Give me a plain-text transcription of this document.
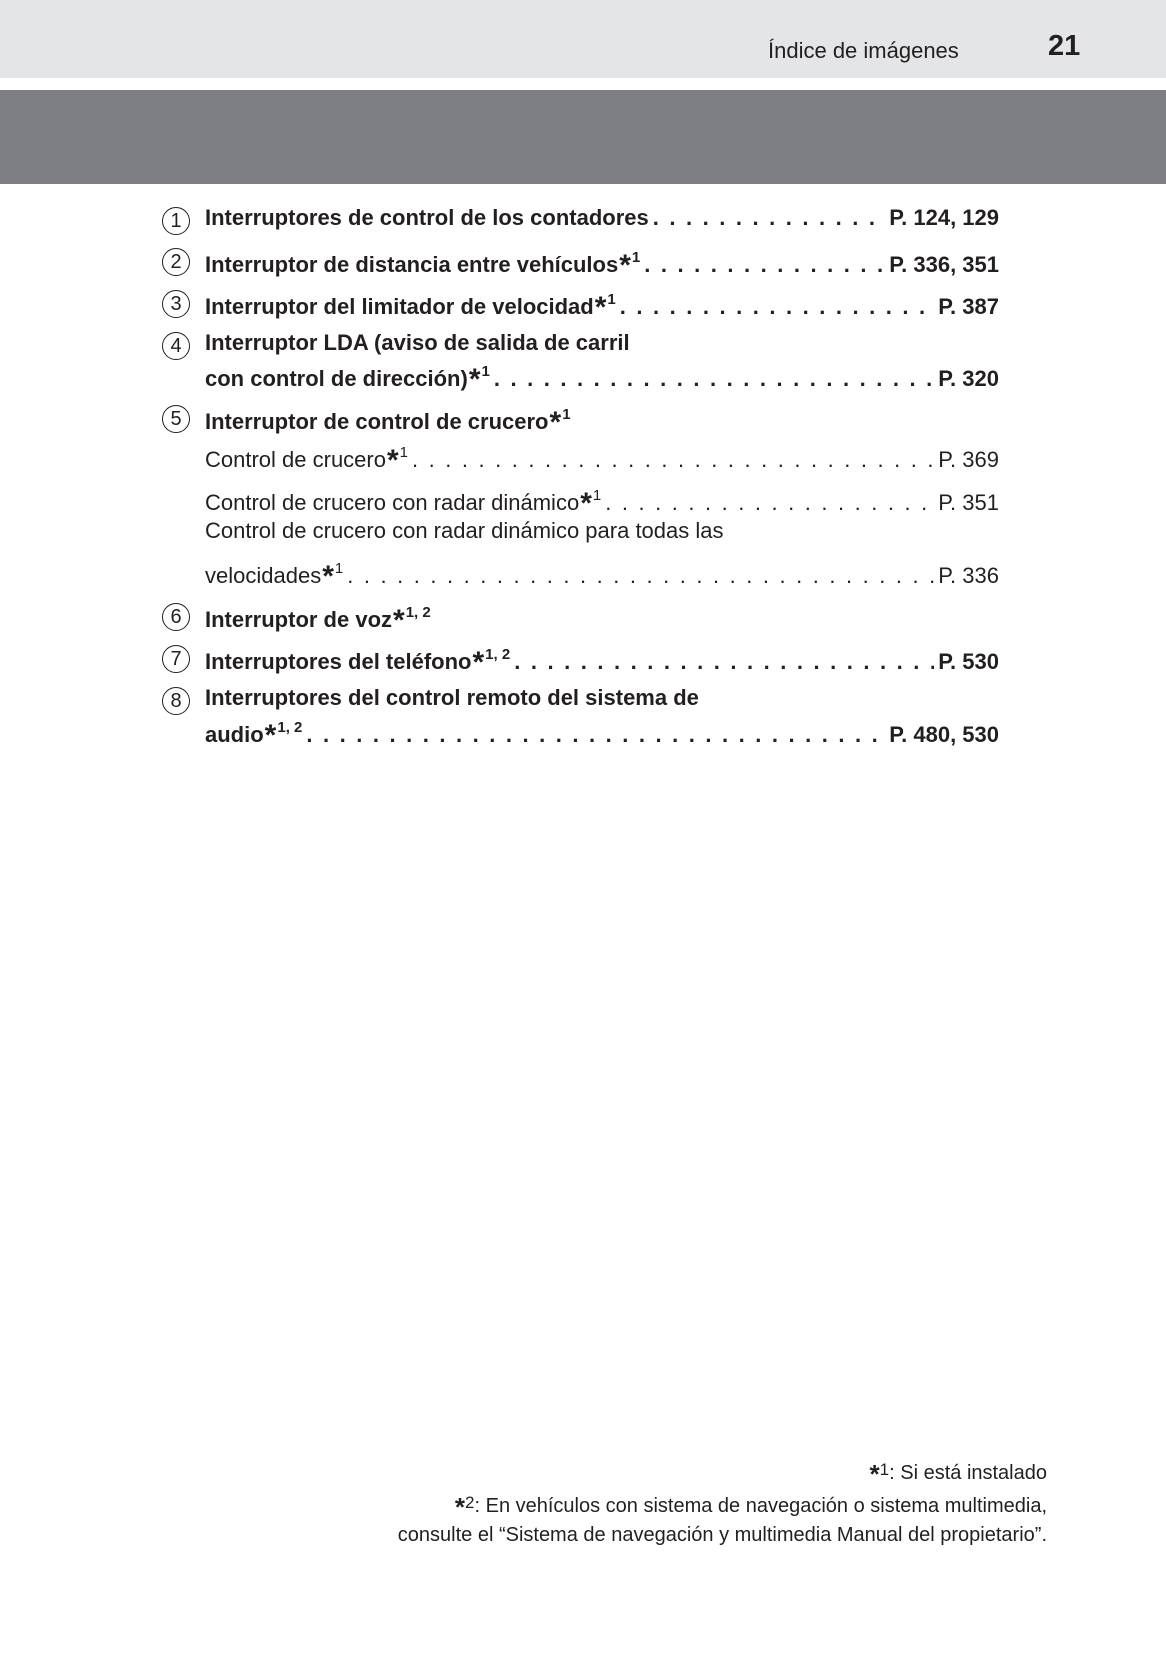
Índice de imágenes	21
1	Interruptores de control de los contadores . . .	P. 124, 129
2	Interruptor de distancia entre vehículos*$^1$ . . .	P. 336, 351
3	Interruptor del limitador de velocidad*$^1$ . . .	P. 387
4	Interruptor LDA (aviso de salida de carril
con control de dirección)*$^1$ . . .	P. 320
5	Interruptor de control de crucero*$^1$
Control de crucero*$^1$ . . .	P. 369
Control de crucero con radar dinámico*$^1$ . . .	P. 351
Control de crucero con radar dinámico para todas las
velocidades*$^1$ . . .	P. 336
6	Interruptor de voz*$^{1, 2}$
7	Interruptores del teléfono*$^{1, 2}$ . . .	P. 530
8	Interruptores del control remoto del sistema de
audio*$^{1, 2}$ . . .	P. 480, 530
*$^1$: Si está instalado
*$^2$: En vehículos con sistema de navegación o sistema multimedia,
consulte el “Sistema de navegación y multimedia Manual del propietario”.
